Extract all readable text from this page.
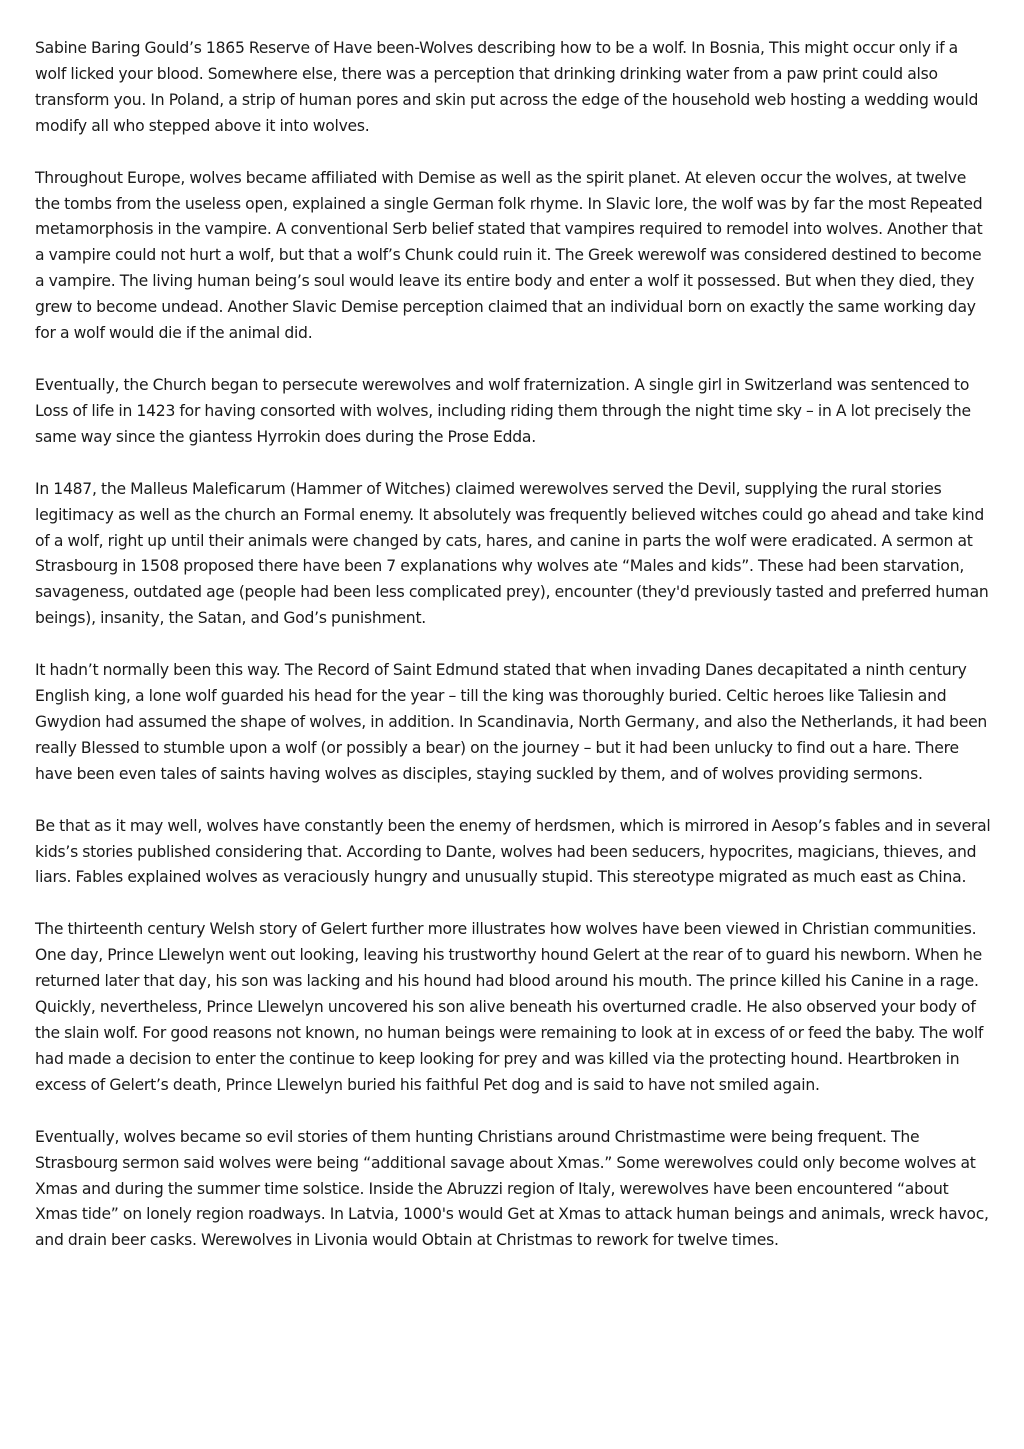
Sabine Baring Gould’s 1865 Reserve of Have been-Wolves describing how to be a wolf. In Bosnia, This might occur only if a wolf licked your blood. Somewhere else, there was a perception that drinking drinking water from a paw print could also transform you. In Poland, a strip of human pores and skin put across the edge of the household web hosting a wedding would modify all who stepped above it into wolves.

Throughout Europe, wolves became affiliated with Demise as well as the spirit planet. At eleven occur the wolves, at twelve the tombs from the useless open, explained a single German folk rhyme. In Slavic lore, the wolf was by far the most Repeated metamorphosis in the vampire. A conventional Serb belief stated that vampires required to remodel into wolves. Another that a vampire could not hurt a wolf, but that a wolf’s Chunk could ruin it. The Greek werewolf was considered destined to become a vampire. The living human being’s soul would leave its entire body and enter a wolf it possessed. But when they died, they grew to become undead. Another Slavic Demise perception claimed that an individual born on exactly the same working day for a wolf would die if the animal did.

Eventually, the Church began to persecute werewolves and wolf fraternization. A single girl in Switzerland was sentenced to Loss of life in 1423 for having consorted with wolves, including riding them through the night time sky – in A lot precisely the same way since the giantess Hyrrokin does during the Prose Edda.

In 1487, the Malleus Maleficarum (Hammer of Witches) claimed werewolves served the Devil, supplying the rural stories legitimacy as well as the church an Formal enemy. It absolutely was frequently believed witches could go ahead and take kind of a wolf, right up until their animals were changed by cats, hares, and canine in parts the wolf were eradicated. A sermon at Strasbourg in 1508 proposed there have been 7 explanations why wolves ate “Males and kids”. These had been starvation, savageness, outdated age (people had been less complicated prey), encounter (they'd previously tasted and preferred human beings), insanity, the Satan, and God’s punishment.

It hadn’t normally been this way. The Record of Saint Edmund stated that when invading Danes decapitated a ninth century English king, a lone wolf guarded his head for the year – till the king was thoroughly buried. Celtic heroes like Taliesin and Gwydion had assumed the shape of wolves, in addition. In Scandinavia, North Germany, and also the Netherlands, it had been really Blessed to stumble upon a wolf (or possibly a bear) on the journey – but it had been unlucky to find out a hare. There have been even tales of saints having wolves as disciples, staying suckled by them, and of wolves providing sermons.

Be that as it may well, wolves have constantly been the enemy of herdsmen, which is mirrored in Aesop’s fables and in several kids’s stories published considering that. According to Dante, wolves had been seducers, hypocrites, magicians, thieves, and liars. Fables explained wolves as veraciously hungry and unusually stupid. This stereotype migrated as much east as China.

The thirteenth century Welsh story of Gelert further more illustrates how wolves have been viewed in Christian communities. One day, Prince Llewelyn went out looking, leaving his trustworthy hound Gelert at the rear of to guard his newborn. When he returned later that day, his son was lacking and his hound had blood around his mouth. The prince killed his Canine in a rage. Quickly, nevertheless, Prince Llewelyn uncovered his son alive beneath his overturned cradle. He also observed your body of the slain wolf. For good reasons not known, no human beings were remaining to look at in excess of or feed the baby. The wolf had made a decision to enter the continue to keep looking for prey and was killed via the protecting hound. Heartbroken in excess of Gelert’s death, Prince Llewelyn buried his faithful Pet dog and is said to have not smiled again.

Eventually, wolves became so evil stories of them hunting Christians around Christmastime were being frequent. The Strasbourg sermon said wolves were being “additional savage about Xmas.” Some werewolves could only become wolves at Xmas and during the summer time solstice. Inside the Abruzzi region of Italy, werewolves have been encountered “about Xmas tide” on lonely region roadways. In Latvia, 1000's would Get at Xmas to attack human beings and animals, wreck havoc, and drain beer casks. Werewolves in Livonia would Obtain at Christmas to rework for twelve times.
